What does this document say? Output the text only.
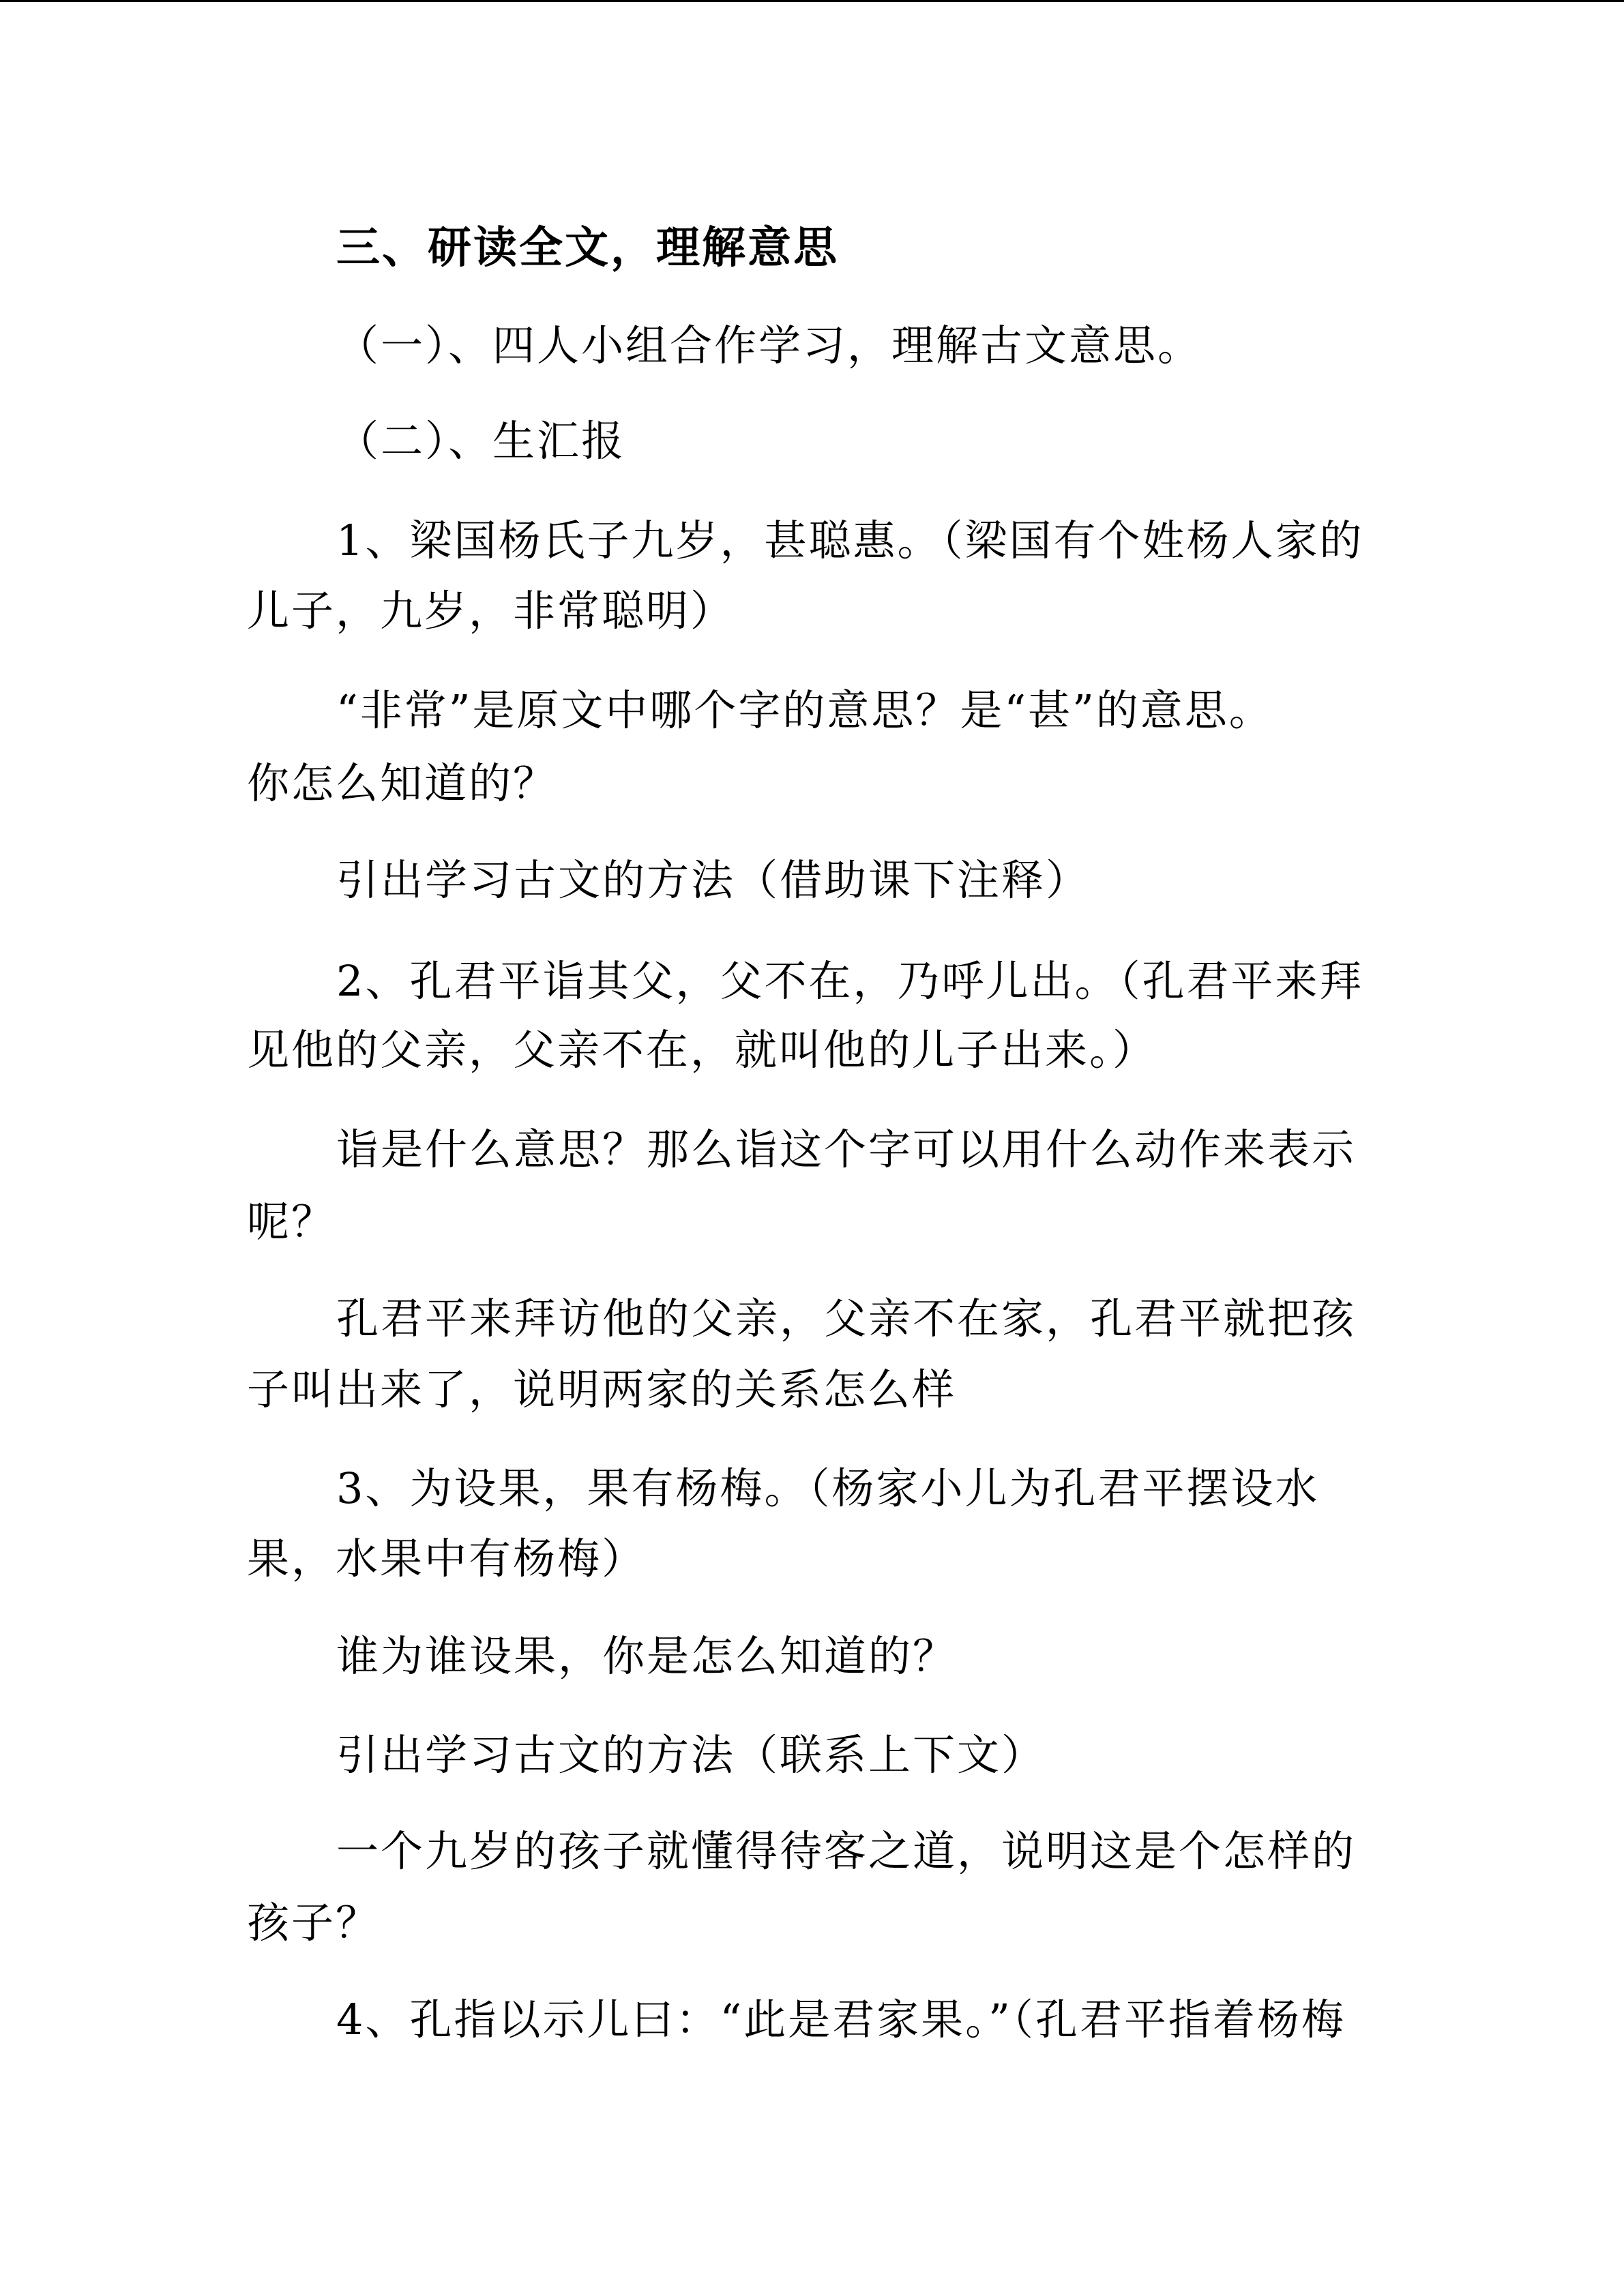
三、研读全文，理解意思
（一）、四人小组合作学习，理解古文意思。
（二）、生汇报
1、梁国杨氏子九岁，甚聪惠。（梁国有个姓杨人家的
儿子，九岁，非常聪明）
“非常”是原文中哪个字的意思？是“甚”的意思。
你怎么知道的？
引出学习古文的方法（借助课下注释）
2、孔君平诣其父，父不在，乃呼儿出。（孔君平来拜
见他的父亲，父亲不在，就叫他的儿子出来。）
诣是什么意思？那么诣这个字可以用什么动作来表示
呢？
孔君平来拜访他的父亲，父亲不在家，孔君平就把孩
子叫出来了，说明两家的关系怎么样
3、为设果，果有杨梅。（杨家小儿为孔君平摆设水
果，水果中有杨梅）
谁为谁设果，你是怎么知道的？
引出学习古文的方法（联系上下文）
一个九岁的孩子就懂得待客之道，说明这是个怎样的
孩子？
4、孔指以示儿曰：“此是君家果。”（孔君平指着杨梅
